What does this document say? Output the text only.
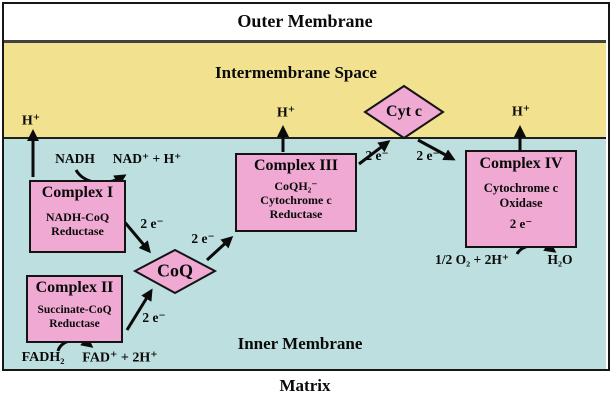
Outer Membrane
Intermembrane Space
Inner Membrane
Matrix
Complex I
NADH-CoQ
Reductase
Complex II
Succinate-CoQ
Reductase
Complex III
CoQH₂⁻
Cytochrome c
Reductase
Complex IV
Cytochrome c
Oxidase
2 e⁻
CoQ
Cyt c
H⁺
H⁺	H⁺
NADH NAD⁺ + H⁺
FADH₂ FAD⁺ + 2H⁺
2 e⁻
2 e⁻
2 e⁻
2 e⁻ 2 e⁻
1/2 O₂ + 2H⁺	H₂O
